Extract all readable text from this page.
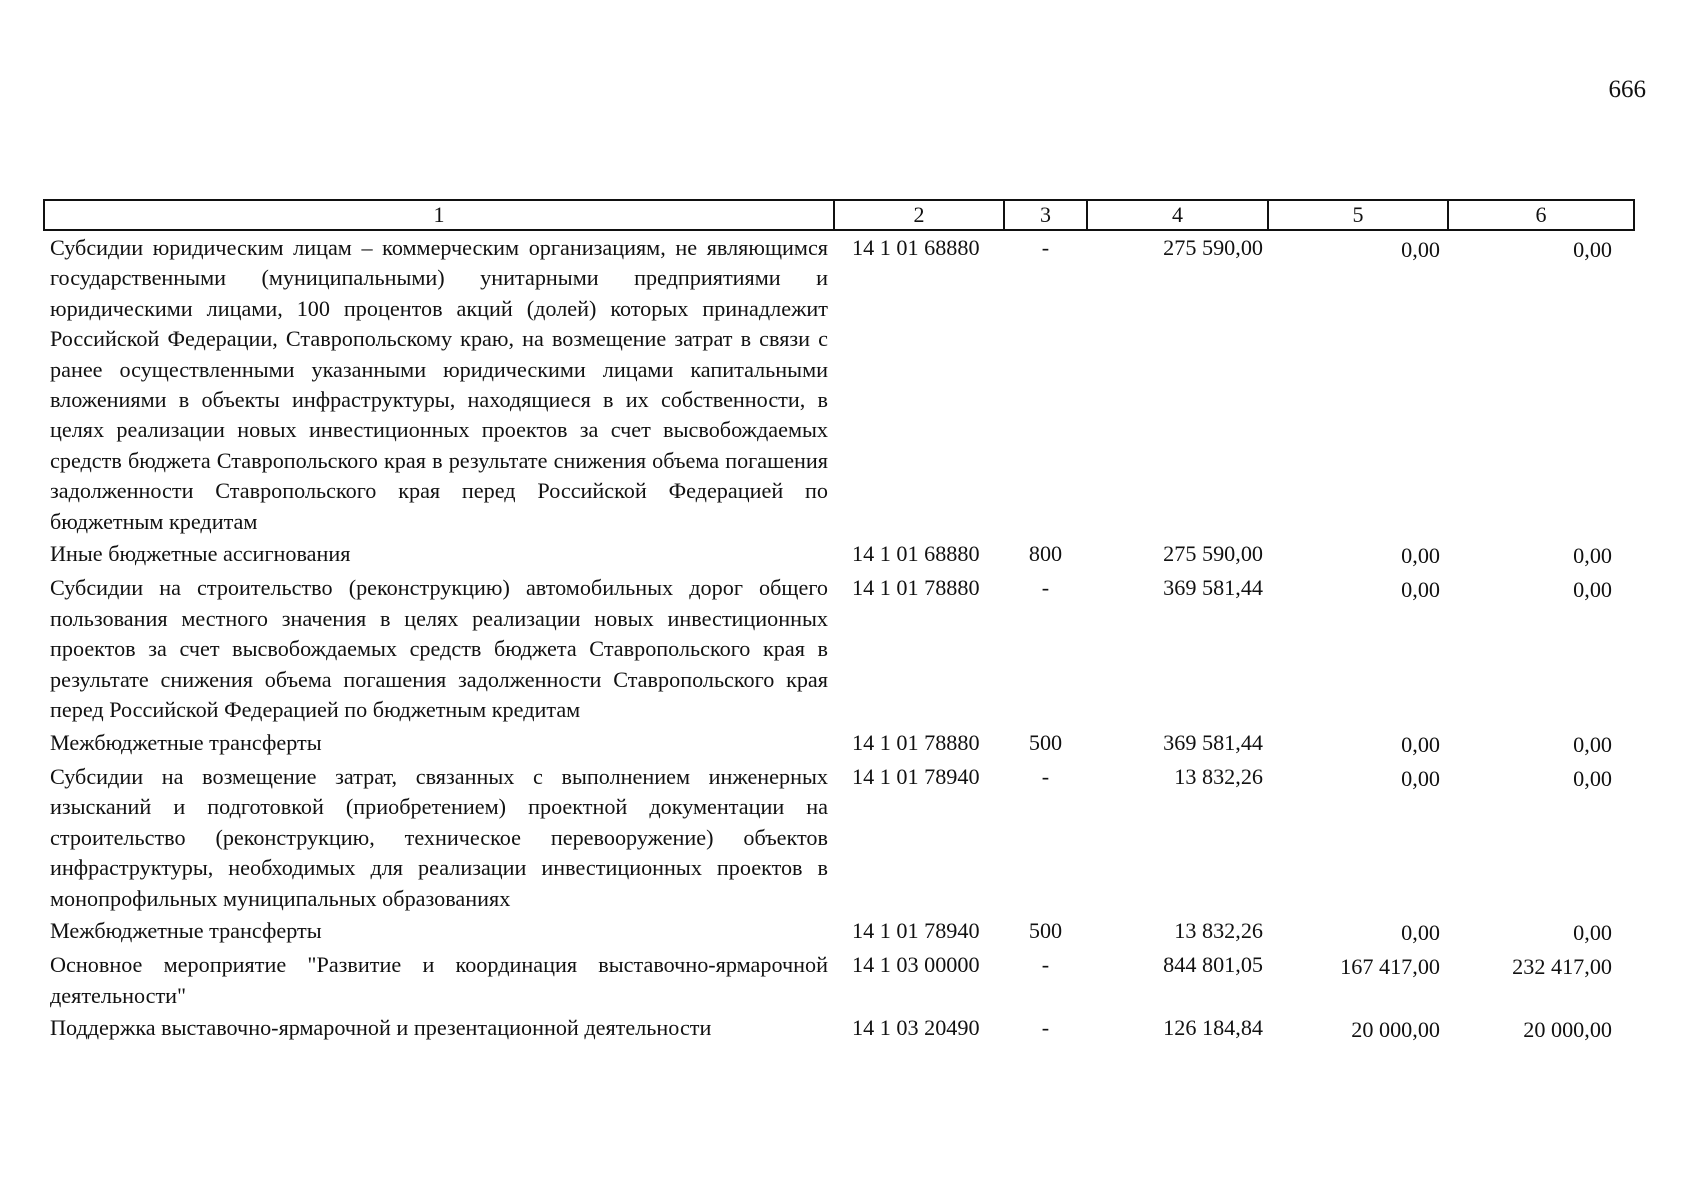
666
1	2	3	4	5	6
Субсидии юридическим лицам – коммерческим организациям, не являющимся государственными (муниципальными) унитарными предприятиями и юридическими лицами, 100 процентов акций (долей) которых принадлежит Российской Федерации, Ставропольскому краю, на возмещение затрат в связи с ранее осуществленными указанными юридическими лицами капитальными вложениями в объекты инфраструктуры, находящиеся в их собственности, в целях реализации новых инвестиционных проектов за счет высвобождаемых средств бюджета Ставропольского края в результате снижения объема погашения задолженности Ставропольского края перед Российской Федерацией по бюджетным кредитам	14 1 01 68880	-	275 590,00	0,00	0,00
Иные бюджетные ассигнования	14 1 01 68880	800	275 590,00	0,00	0,00
Субсидии на строительство (реконструкцию) автомобильных дорог общего пользования местного значения в целях реализации новых инвестиционных проектов за счет высвобождаемых средств бюджета Ставропольского края в результате снижения объема погашения задолженности Ставропольского края перед Российской Федерацией по бюджетным кредитам	14 1 01 78880	-	369 581,44	0,00	0,00
Межбюджетные трансферты	14 1 01 78880	500	369 581,44	0,00	0,00
Субсидии на возмещение затрат, связанных с выполнением инженерных изысканий и подготовкой (приобретением) проектной документации на строительство (реконструкцию, техническое перевооружение) объектов инфраструктуры, необходимых для реализации инвестиционных проектов в монопрофильных муниципальных образованиях	14 1 01 78940	-	13 832,26	0,00	0,00
Межбюджетные трансферты	14 1 01 78940	500	13 832,26	0,00	0,00
Основное мероприятие "Развитие и координация выставочно-ярмарочной деятельности"	14 1 03 00000	-	844 801,05	167 417,00	232 417,00
Поддержка выставочно-ярмарочной и презентационной деятельности	14 1 03 20490	-	126 184,84	20 000,00	20 000,00
